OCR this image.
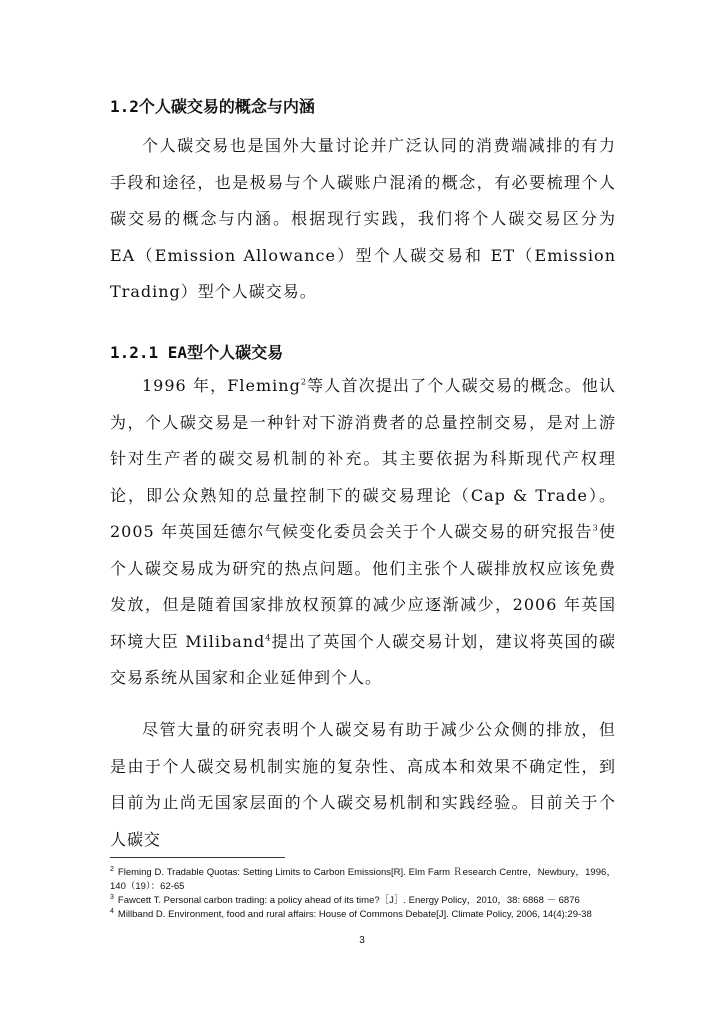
1.2个人碳交易的概念与内涵

个人碳交易也是国外大量讨论并广泛认同的消费端减排的有力手段和途径，也是极易与个人碳账户混淆的概念，有必要梳理个人碳交易的概念与内涵。根据现行实践，我们将个人碳交易区分为 EA（Emission Allowance）型个人碳交易和 ET（Emission Trading）型个人碳交易。

1.2.1 EA型个人碳交易

1996 年，Fleming$^2$等人首次提出了个人碳交易的概念。他认为，个人碳交易是一种针对下游消费者的总量控制交易，是对上游针对生产者的碳交易机制的补充。其主要依据为科斯现代产权理论，即公众熟知的总量控制下的碳交易理论（Cap & Trade）。2005 年英国廷德尔气候变化委员会关于个人碳交易的研究报告$^3$使个人碳交易成为研究的热点问题。他们主张个人碳排放权应该免费发放，但是随着国家排放权预算的减少应逐渐减少，2006 年英国环境大臣 Miliband$^4$提出了英国个人碳交易计划，建议将英国的碳交易系统从国家和企业延伸到个人。

尽管大量的研究表明个人碳交易有助于减少公众侧的排放，但是由于个人碳交易机制实施的复杂性、高成本和效果不确定性，到目前为止尚无国家层面的个人碳交易机制和实践经验。目前关于个人碳交

$^2$ Fleming D. Tradable Quotas: Setting Limits to Carbon Emissions[R]. Elm Farm Ｒesearch Centre，Newbury，1996，140（19）：62-65

$^3$ Fawcett T. Personal carbon trading: a policy ahead of its time?［J］. Energy Policy，2010，38: 6868 － 6876

$^4$ Millband D. Environment, food and rural affairs: House of Commons Debate[J]. Climate Policy, 2006, 14(4):29-38

3
